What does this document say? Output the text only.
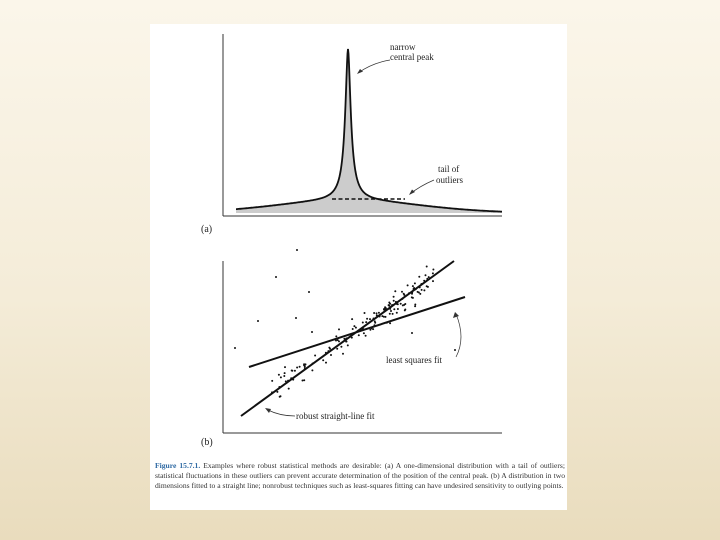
narrow
central peak
tail of
outliers
(a)
least squares fit
robust straight-line fit
(b)

Figure 15.7.1. Examples where robust statistical methods are desirable: (a) A one-dimensional distribution with a tail of outliers; statistical fluctuations in these outliers can prevent accurate determination of the position of the central peak. (b) A distribution in two dimensions fitted to a straight line; nonrobust techniques such as least-squares fitting can have undesired sensitivity to outlying points.
